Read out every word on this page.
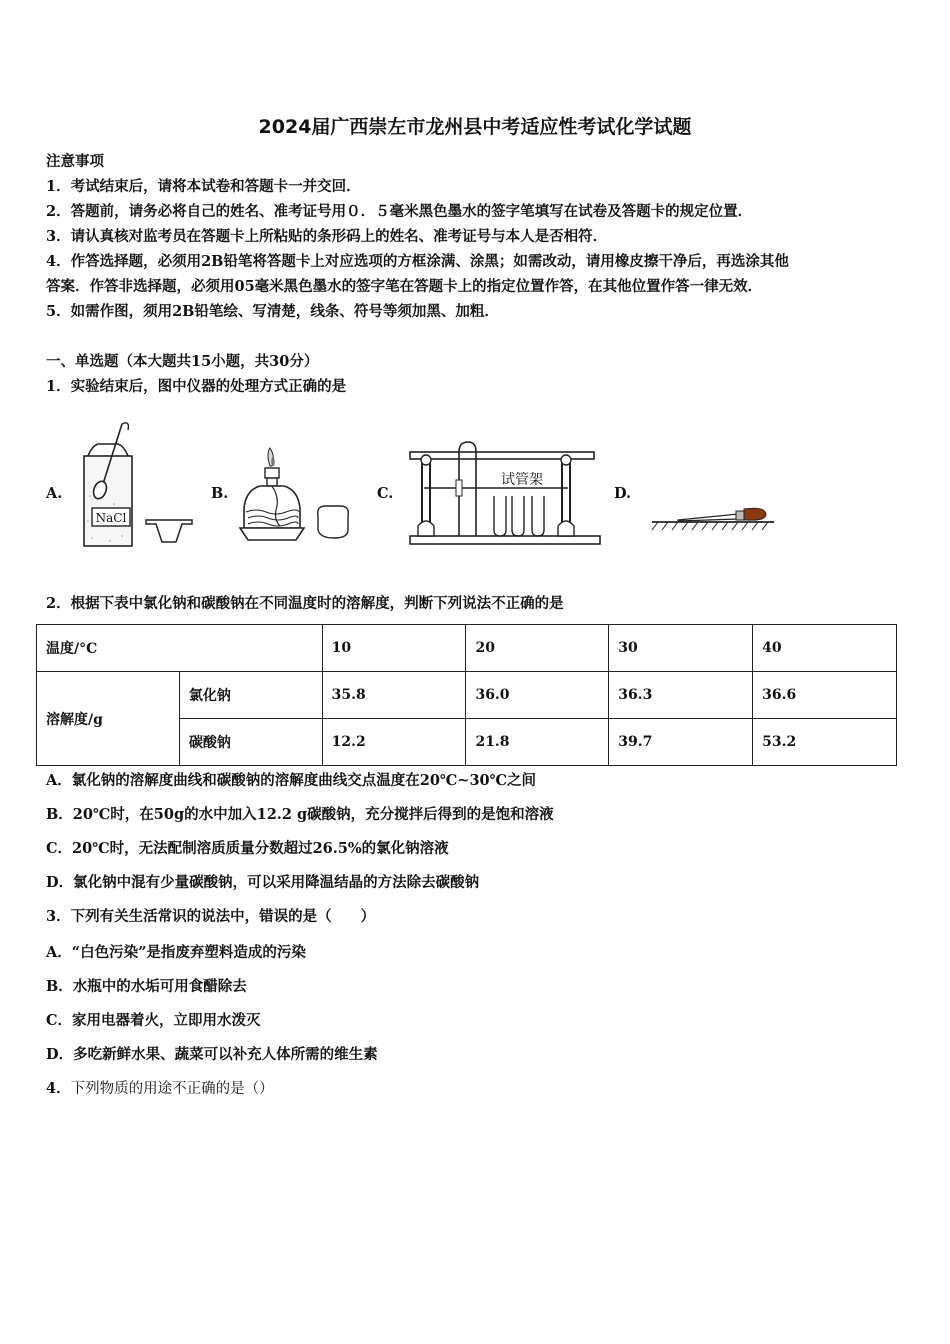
2024届广西崇左市龙州县中考适应性考试化学试题
注意事项
1．考试结束后，请将本试卷和答题卡一并交回．
2．答题前，请务必将自己的姓名、准考证号用０．５毫米黑色墨水的签字笔填写在试卷及答题卡的规定位置．
3．请认真核对监考员在答题卡上所粘贴的条形码上的姓名、准考证号与本人是否相符．
4．作答选择题，必须用2B铅笔将答题卡上对应选项的方框涂满、涂黑；如需改动，请用橡皮擦干净后，再选涂其他
答案．作答非选择题，必须用05毫米黑色墨水的签字笔在答题卡上的指定位置作答，在其他位置作答一律无效．
5．如需作图，须用2B铅笔绘、写清楚，线条、符号等须加黑、加粗．
一、单选题（本大题共15小题，共30分）
1．实验结束后，图中仪器的处理方式正确的是
A.	B.	C.	D.
NaCl
试管架
2．根据下表中氯化钠和碳酸钠在不同温度时的溶解度，判断下列说法不正确的是
温度/°C		10	20	30	40
溶解度/g	氯化钠	35.8	36.0	36.3	36.6
	碳酸钠	12.2	21.8	39.7	53.2
A．氯化钠的溶解度曲线和碳酸钠的溶解度曲线交点温度在20℃~30℃之间
B．20℃时，在50g的水中加入12.2 g碳酸钠，充分搅拌后得到的是饱和溶液
C．20℃时，无法配制溶质质量分数超过26.5%的氯化钠溶液
D．氯化钠中混有少量碳酸钠，可以采用降温结晶的方法除去碳酸钠
3．下列有关生活常识的说法中，错误的是（　　）
A．“白色污染”是指废弃塑料造成的污染
B．水瓶中的水垢可用食醋除去
C．家用电器着火，立即用水泼灭
D．多吃新鲜水果、蔬菜可以补充人体所需的维生素
4．下列物质的用途不正确的是（）
